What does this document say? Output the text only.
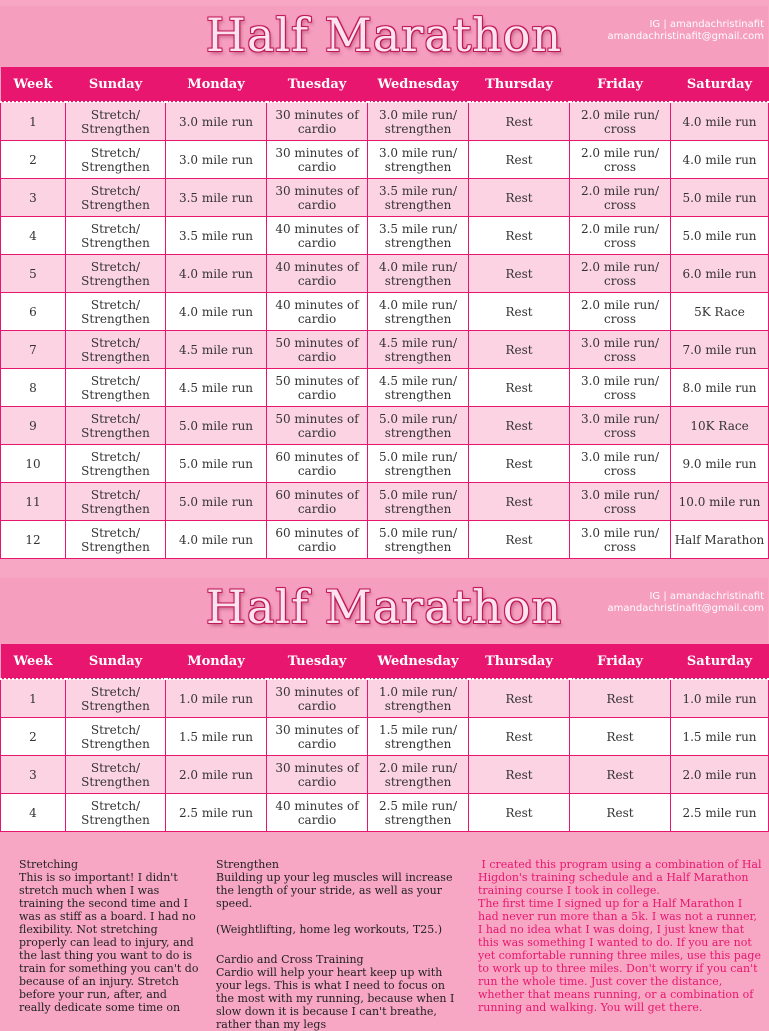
Half Marathon	IG | amandachristinafit
amandachristinafit@gmail.com
Week	Sunday	Monday	Tuesday	Wednesday	Thursday	Friday	Saturday
1	Stretch/ Strengthen	3.0 mile run	30 minutes of cardio	3.0 mile run/ strengthen	Rest	2.0 mile run/ cross	4.0 mile run
2	Stretch/ Strengthen	3.0 mile run	30 minutes of cardio	3.0 mile run/ strengthen	Rest	2.0 mile run/ cross	4.0 mile run
3	Stretch/ Strengthen	3.5 mile run	30 minutes of cardio	3.5 mile run/ strengthen	Rest	2.0 mile run/ cross	5.0 mile run
4	Stretch/ Strengthen	3.5 mile run	40 minutes of cardio	3.5 mile run/ strengthen	Rest	2.0 mile run/ cross	5.0 mile run
5	Stretch/ Strengthen	4.0 mile run	40 minutes of cardio	4.0 mile run/ strengthen	Rest	2.0 mile run/ cross	6.0 mile run
6	Stretch/ Strengthen	4.0 mile run	40 minutes of cardio	4.0 mile run/ strengthen	Rest	2.0 mile run/ cross	5K Race
7	Stretch/ Strengthen	4.5 mile run	50 minutes of cardio	4.5 mile run/ strengthen	Rest	3.0 mile run/ cross	7.0 mile run
8	Stretch/ Strengthen	4.5 mile run	50 minutes of cardio	4.5 mile run/ strengthen	Rest	3.0 mile run/ cross	8.0 mile run
9	Stretch/ Strengthen	5.0 mile run	50 minutes of cardio	5.0 mile run/ strengthen	Rest	3.0 mile run/ cross	10K Race
10	Stretch/ Strengthen	5.0 mile run	60 minutes of cardio	5.0 mile run/ strengthen	Rest	3.0 mile run/ cross	9.0 mile run
11	Stretch/ Strengthen	5.0 mile run	60 minutes of cardio	5.0 mile run/ strengthen	Rest	3.0 mile run/ cross	10.0 mile run
12	Stretch/ Strengthen	4.0 mile run	60 minutes of cardio	5.0 mile run/ strengthen	Rest	3.0 mile run/ cross	Half Marathon
Half Marathon	IG | amandachristinafit
amandachristinafit@gmail.com
Week	Sunday	Monday	Tuesday	Wednesday	Thursday	Friday	Saturday
1	Stretch/ Strengthen	1.0 mile run	30 minutes of cardio	1.0 mile run/ strengthen	Rest	Rest	1.0 mile run
2	Stretch/ Strengthen	1.5 mile run	30 minutes of cardio	1.5 mile run/ strengthen	Rest	Rest	1.5 mile run
3	Stretch/ Strengthen	2.0 mile run	30 minutes of cardio	2.0 mile run/ strengthen	Rest	Rest	2.0 mile run
4	Stretch/ Strengthen	2.5 mile run	40 minutes of cardio	2.5 mile run/ strengthen	Rest	Rest	2.5 mile run
Stretching

This is so important! I didn't stretch much when I was training the second time and I was as stiff as a board. I had no flexibility. Not stretching properly can lead to injury, and the last thing you want to do is train for something you can't do because of an injury. Stretch before your run, after, and really dedicate some time on

Strengthen

Building up your leg muscles will increase the length of your stride, as well as your speed.

(Weightlifting, home leg workouts, T25.)

Cardio and Cross Training

Cardio will help your heart keep up with your legs. This is what I need to focus on the most with my running, because when I slow down it is because I can't breathe, rather than my legs

I created this program using a combination of Hal Higdon's training schedule and a Half Marathon training course I took in college.

The first time I signed up for a Half Marathon I had never run more than a 5k. I was not a runner, I had no idea what I was doing, I just knew that this was something I wanted to do. If you are not yet comfortable running three miles, use this page to work up to three miles. Don't worry if you can't run the whole time. Just cover the distance, whether that means running, or a combination of running and walking. You will get there.
